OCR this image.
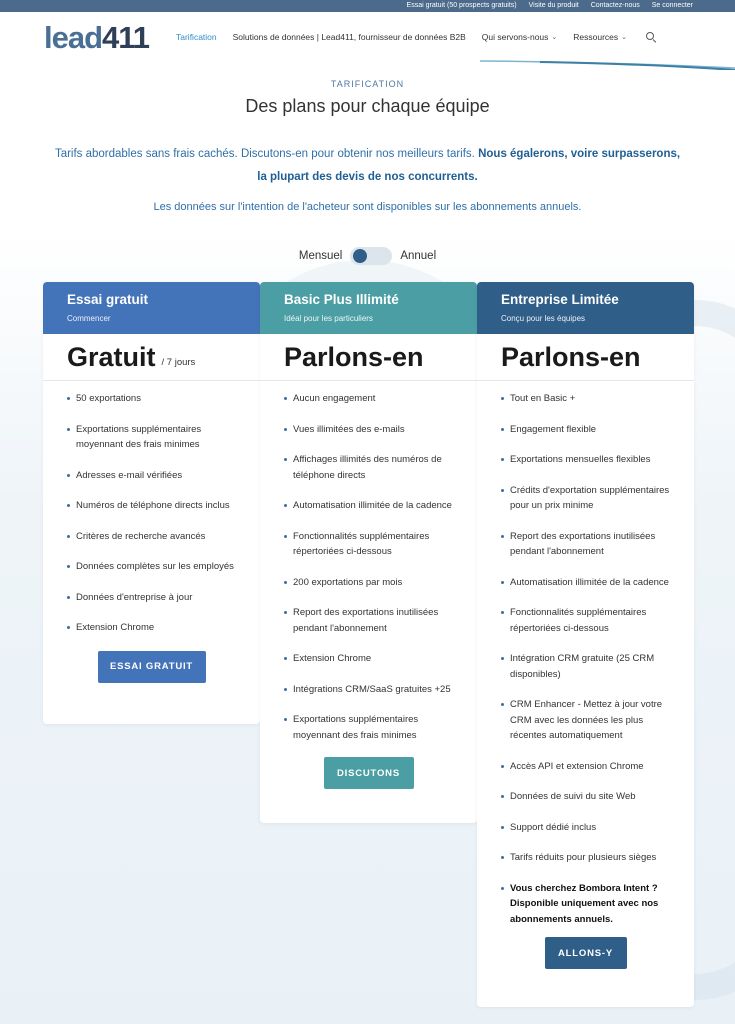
Essai gratuit (50 prospects gratuits) Visite du produit Contactez-nous Se connecter
lead411	Tarification Solutions de données | Lead411, fournisseur de données B2B Qui servons-nous ⌄ Ressources ⌄
TARIFICATION
Des plans pour chaque équipe
Tarifs abordables sans frais cachés. Discutons-en pour obtenir nos meilleurs tarifs. Nous égalerons, voire surpasserons,
la plupart des devis de nos concurrents.
Les données sur l'intention de l'acheteur sont disponibles sur les abonnements annuels.
Mensuel	Annuel
Essai gratuit
Commencer
Gratuit / 7 jours
50 exportations
Exportations supplémentaires moyennant des frais minimes
Adresses e-mail vérifiées
Numéros de téléphone directs inclus
Critères de recherche avancés
Données complètes sur les employés
Données d'entreprise à jour
Extension Chrome
ESSAI GRATUIT
Basic Plus Illimité
Idéal pour les particuliers
Parlons-en
Aucun engagement
Vues illimitées des e-mails
Affichages illimités des numéros de téléphone directs
Automatisation illimitée de la cadence
Fonctionnalités supplémentaires répertoriées ci-dessous
200 exportations par mois
Report des exportations inutilisées pendant l'abonnement
Extension Chrome
Intégrations CRM/SaaS gratuites +25
Exportations supplémentaires moyennant des frais minimes
DISCUTONS
Entreprise Limitée
Conçu pour les équipes
Parlons-en
Tout en Basic +
Engagement flexible
Exportations mensuelles flexibles
Crédits d'exportation supplémentaires pour un prix minime
Report des exportations inutilisées pendant l'abonnement
Automatisation illimitée de la cadence
Fonctionnalités supplémentaires répertoriées ci-dessous
Intégration CRM gratuite (25 CRM disponibles)
CRM Enhancer - Mettez à jour votre CRM avec les données les plus récentes automatiquement
Accès API et extension Chrome
Données de suivi du site Web
Support dédié inclus
Tarifs réduits pour plusieurs sièges
Vous cherchez Bombora Intent ? Disponible uniquement avec nos abonnements annuels.
ALLONS-Y
